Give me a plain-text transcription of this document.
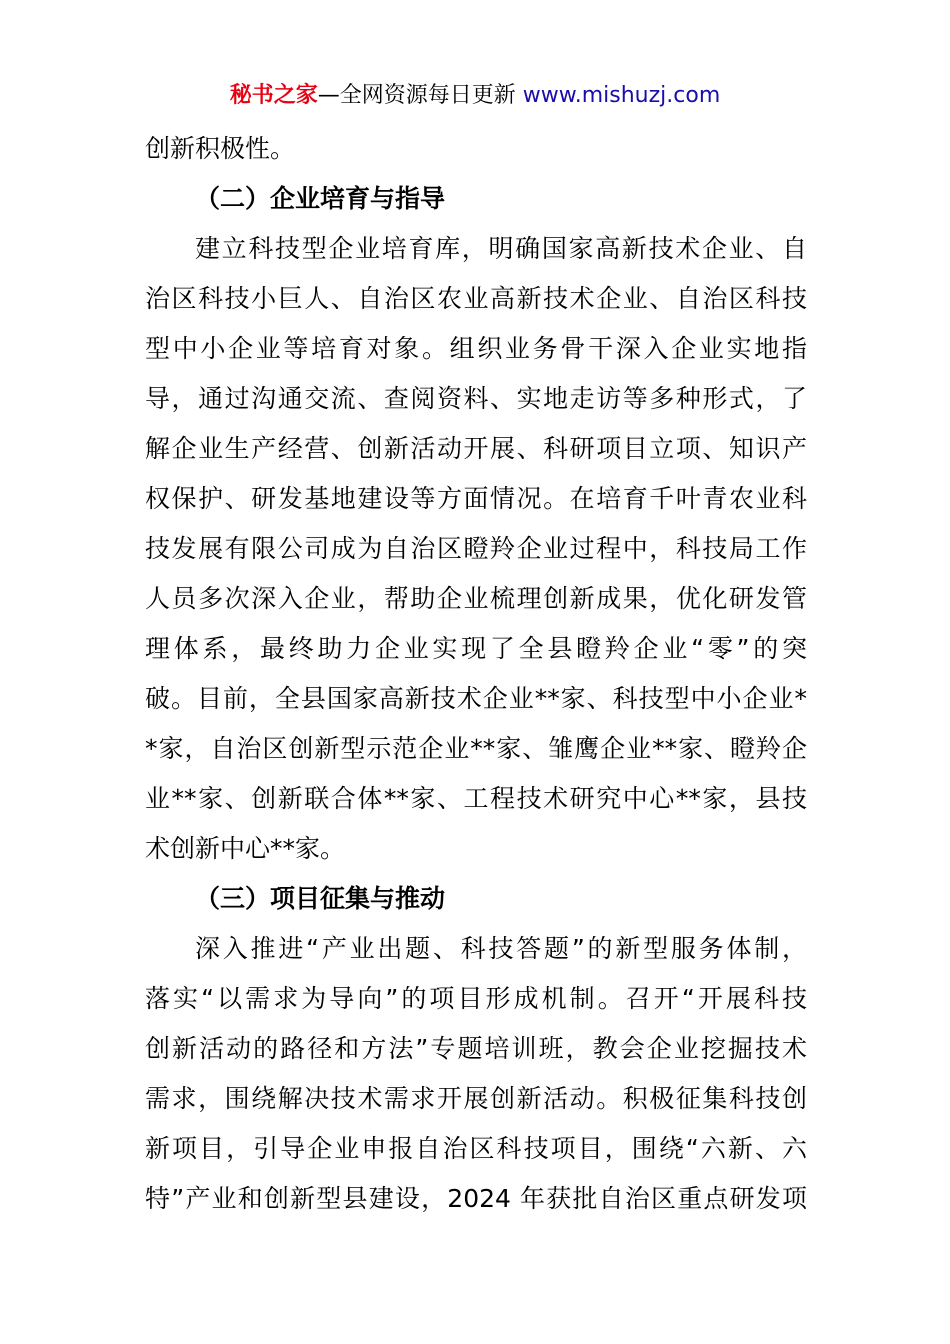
秘书之家—全网资源每日更新 www.mishuzj.com
创新积极性。
（二）企业培育与指导
建立科技型企业培育库，明确国家高新技术企业、自
治区科技小巨人、自治区农业高新技术企业、自治区科技
型中小企业等培育对象。组织业务骨干深入企业实地指
导，通过沟通交流、查阅资料、实地走访等多种形式，了
解企业生产经营、创新活动开展、科研项目立项、知识产
权保护、研发基地建设等方面情况。在培育千叶青农业科
技发展有限公司成为自治区瞪羚企业过程中，科技局工作
人员多次深入企业，帮助企业梳理创新成果，优化研发管
理体系，最终助力企业实现了全县瞪羚企业“零”的突
破。目前，全县国家高新技术企业**家、科技型中小企业*
*家，自治区创新型示范企业**家、雏鹰企业**家、瞪羚企
业**家、创新联合体**家、工程技术研究中心**家，县技
术创新中心**家。
（三）项目征集与推动
深入推进“产业出题、科技答题”的新型服务体制，
落实“以需求为导向”的项目形成机制。召开“开展科技
创新活动的路径和方法”专题培训班，教会企业挖掘技术
需求，围绕解决技术需求开展创新活动。积极征集科技创
新项目，引导企业申报自治区科技项目，围绕“六新、六
特”产业和创新型县建设，2024 年获批自治区重点研发项
